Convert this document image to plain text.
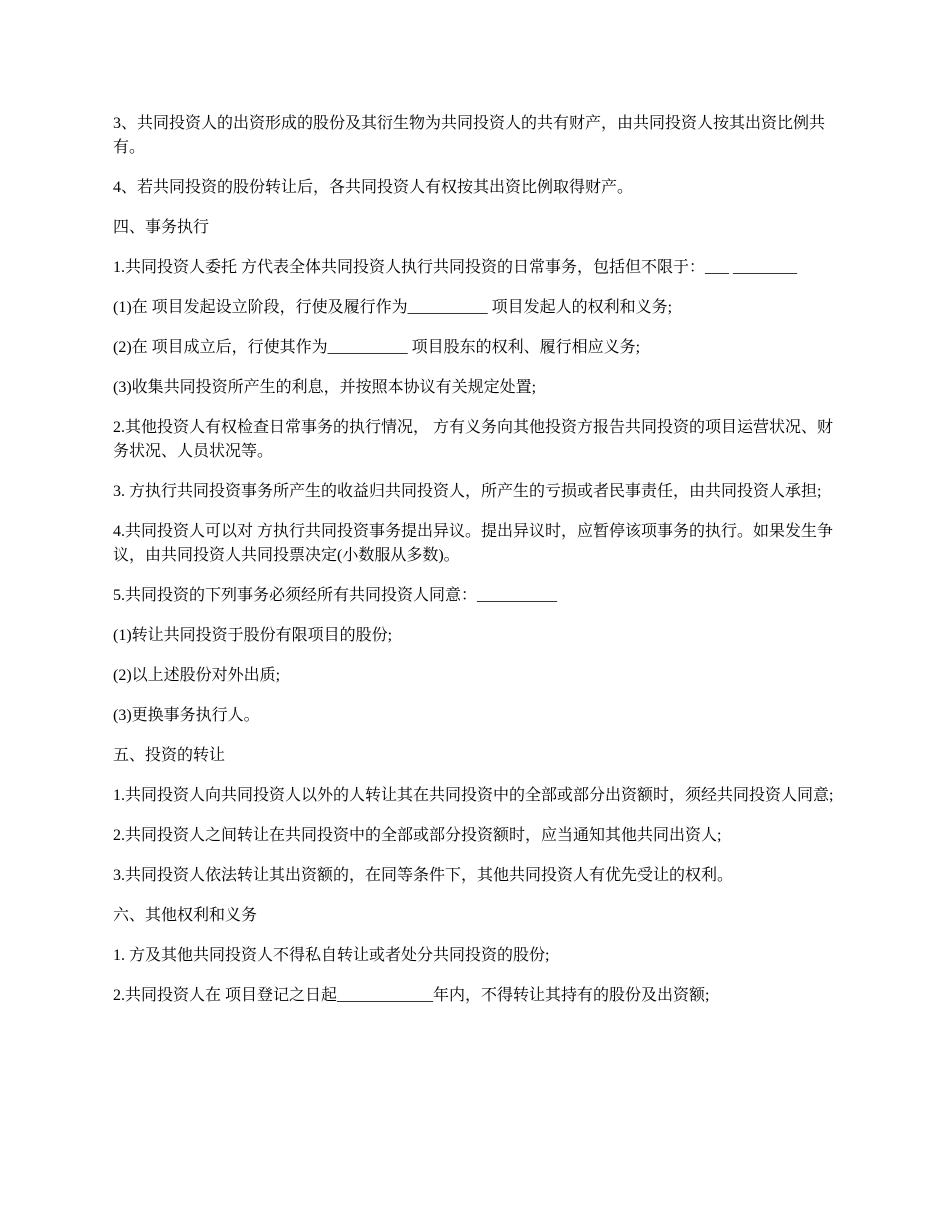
3、共同投资人的出资形成的股份及其衍生物为共同投资人的共有财产，由共同投资人按其出资比例共有。

4、若共同投资的股份转让后，各共同投资人有权按其出资比例取得财产。

四、事务执行

1.共同投资人委托 方代表全体共同投资人执行共同投资的日常事务，包括但不限于：___ ________

(1)在 项目发起设立阶段，行使及履行作为__________ 项目发起人的权利和义务;

(2)在 项目成立后，行使其作为__________ 项目股东的权利、履行相应义务;

(3)收集共同投资所产生的利息，并按照本协议有关规定处置;

2.其他投资人有权检查日常事务的执行情况， 方有义务向其他投资方报告共同投资的项目运营状况、财务状况、人员状况等。

3. 方执行共同投资事务所产生的收益归共同投资人，所产生的亏损或者民事责任，由共同投资人承担;

4.共同投资人可以对 方执行共同投资事务提出异议。提出异议时，应暂停该项事务的执行。如果发生争议，由共同投资人共同投票决定(小数服从多数)。

5.共同投资的下列事务必须经所有共同投资人同意：__________

(1)转让共同投资于股份有限项目的股份;

(2)以上述股份对外出质;

(3)更换事务执行人。

五、投资的转让

1.共同投资人向共同投资人以外的人转让其在共同投资中的全部或部分出资额时，须经共同投资人同意;

2.共同投资人之间转让在共同投资中的全部或部分投资额时，应当通知其他共同出资人;

3.共同投资人依法转让其出资额的，在同等条件下，其他共同投资人有优先受让的权利。

六、其他权利和义务

1. 方及其他共同投资人不得私自转让或者处分共同投资的股份;

2.共同投资人在 项目登记之日起____________年内，不得转让其持有的股份及出资额;
